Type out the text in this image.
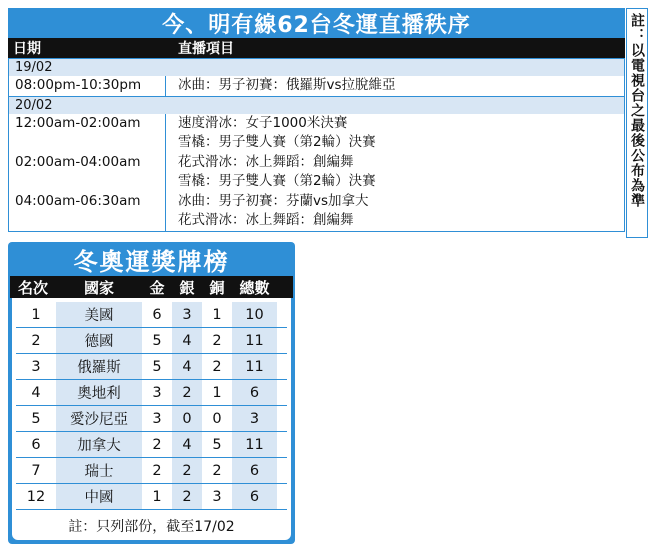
今、明有線62台冬運直播秩序
日期	直播項目
19/02
08:00pm-10:30pm	冰曲：男子初賽：俄羅斯vs拉脫維亞
20/02
12:00am-02:00am	速度滑冰：女子1000米決賽
雪橇：男子雙人賽（第2輪）決賽
02:00am-04:00am	花式滑冰：冰上舞蹈：創編舞
雪橇：男子雙人賽（第2輪）決賽
04:00am-06:30am	冰曲：男子初賽：芬蘭vs加拿大
花式滑冰：冰上舞蹈：創編舞
註：以電視台之最後公布為準
冬奧運獎牌榜
名次	國家	金 銀 銅 總數
1	美國	6	3	1	10
2	德國	5	4	2	11
3	俄羅斯	5	4	2	11
4	奧地利	3	2	1	6
5	愛沙尼亞	3	0	0	3
6	加拿大	2	4	5	11
7	瑞士	2	2	2	6
12	中國	1	2	3	6
註：只列部份，截至17/02
